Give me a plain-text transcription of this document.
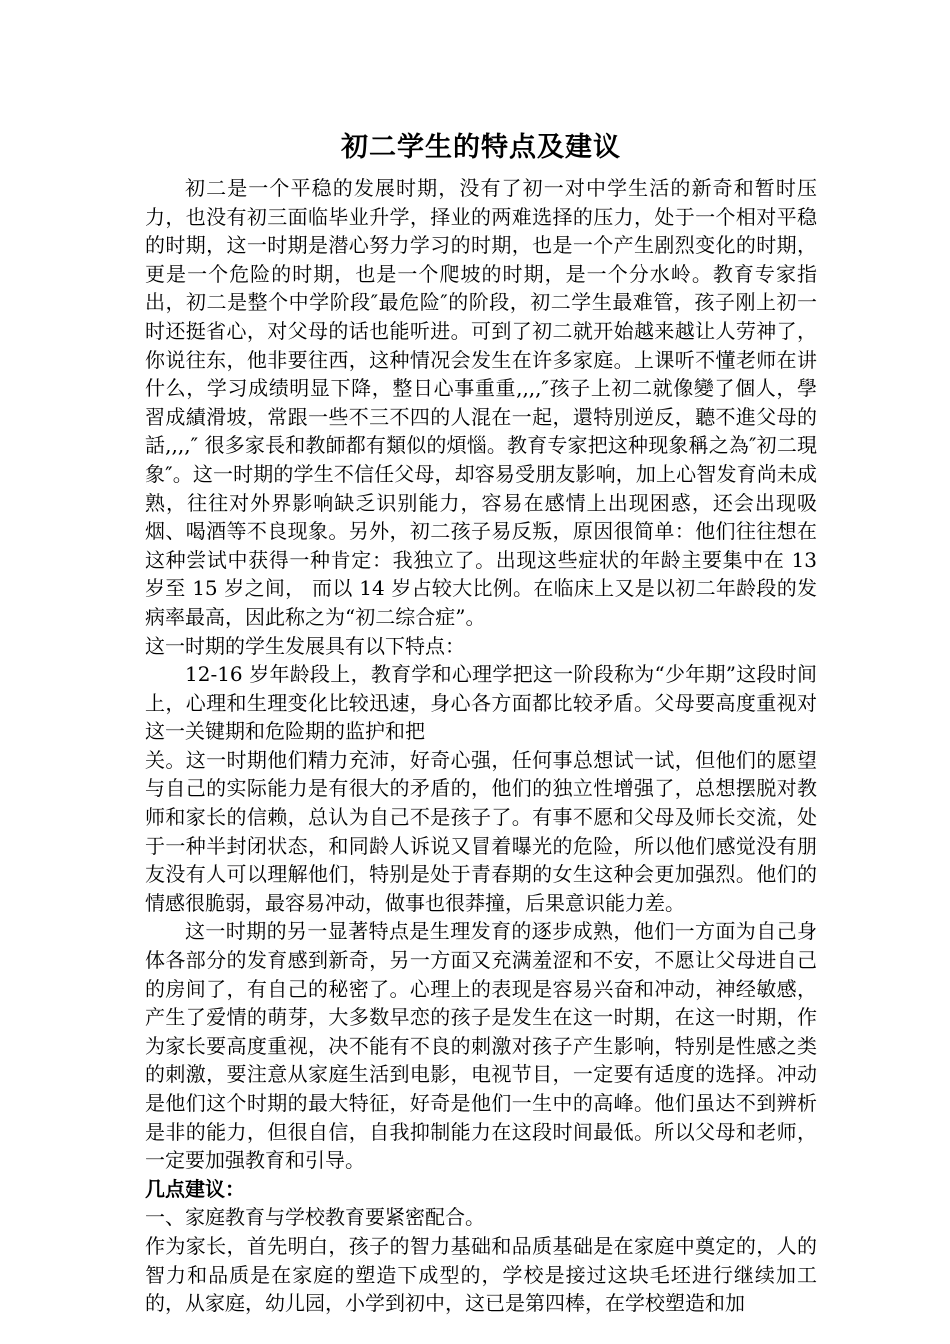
初二学生的特点及建议

初二是一个平稳的发展时期，没有了初一对中学生活的新奇和暂时压力，也没有初三面临毕业升学，择业的两难选择的压力，处于一个相对平稳的时期，这一时期是潜心努力学习的时期，也是一个产生剧烈变化的时期，更是一个危险的时期，也是一个爬坡的时期，是一个分水岭。教育专家指出，初二是整个中学阶段″最危险″的阶段，初二学生最难管，孩子刚上初一时还挺省心，对父母的话也能听进。可到了初二就开始越来越让人劳神了，你说往东，他非要往西，这种情况会发生在许多家庭。上课听不懂老师在讲什么，学习成绩明显下降，整日心事重重,,,,″孩子上初二就像變了個人，學習成績滑坡，常跟一些不三不四的人混在一起，還特別逆反，聽不進父母的話,,,,″ 很多家長和教師都有類似的煩惱。教育专家把这种现象稱之為″初二現象″。这一时期的学生不信任父母，却容易受朋友影响，加上心智发育尚未成熟，往往对外界影响缺乏识别能力，容易在感情上出现困惑，还会出现吸烟、喝酒等不良现象。另外，初二孩子易反叛，原因很简单：他们往往想在这种尝试中获得一种肯定：我独立了。出现这些症状的年龄主要集中在 13 岁至 15 岁之间， 而以 14 岁占较大比例。在临床上又是以初二年龄段的发病率最高，因此称之为“初二综合症”。

这一时期的学生发展具有以下特点：

12-16 岁年龄段上，教育学和心理学把这一阶段称为“少年期”这段时间上，心理和生理变化比较迅速，身心各方面都比较矛盾。父母要高度重视对这一关键期和危险期的监护和把

关。这一时期他们精力充沛，好奇心强，任何事总想试一试，但他们的愿望与自己的实际能力是有很大的矛盾的，他们的独立性增强了，总想摆脱对教师和家长的信赖，总认为自己不是孩子了。有事不愿和父母及师长交流，处于一种半封闭状态，和同龄人诉说又冒着曝光的危险，所以他们感觉没有朋友没有人可以理解他们，特别是处于青春期的女生这种会更加强烈。他们的情感很脆弱，最容易冲动，做事也很莽撞，后果意识能力差。

这一时期的另一显著特点是生理发育的逐步成熟，他们一方面为自己身体各部分的发育感到新奇，另一方面又充满羞涩和不安，不愿让父母进自己的房间了，有自己的秘密了。心理上的表现是容易兴奋和冲动，神经敏感，产生了爱情的萌芽，大多数早恋的孩子是发生在这一时期，在这一时期，作为家长要高度重视，决不能有不良的刺激对孩子产生影响，特别是性感之类的刺激，要注意从家庭生活到电影，电视节目，一定要有适度的选择。冲动是他们这个时期的最大特征，好奇是他们一生中的高峰。他们虽达不到辨析是非的能力，但很自信，自我抑制能力在这段时间最低。所以父母和老师，一定要加强教育和引导。

几点建议：

一、家庭教育与学校教育要紧密配合。

作为家长，首先明白，孩子的智力基础和品质基础是在家庭中奠定的，人的智力和品质是在家庭的塑造下成型的，学校是接过这块毛坯进行继续加工的，从家庭，幼儿园，小学到初中，这已是第四棒，在学校塑造和加
